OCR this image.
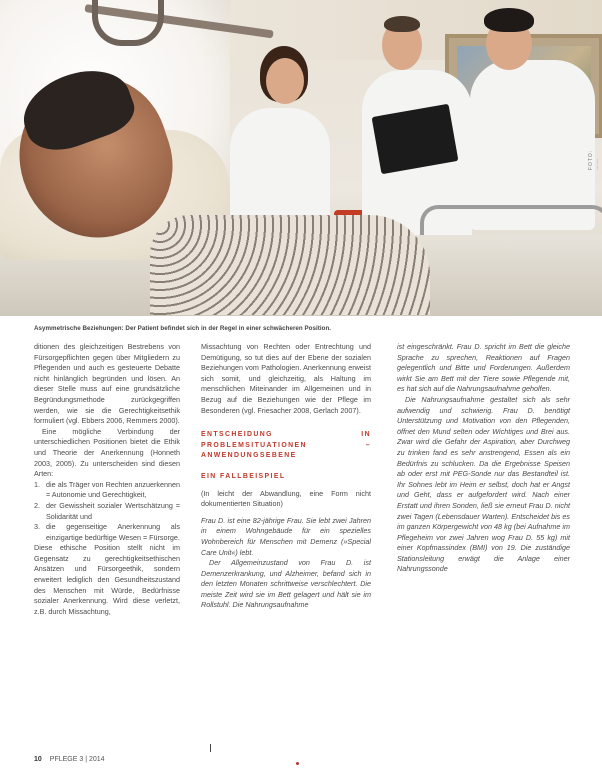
FOTO: ……
Asymmetrische Beziehungen: Der Patient befindet sich in der Regel in einer schwächeren Position.

ditionen des gleichzeitigen Bestrebens von Fürsorgepflichten gegen über Mitgliedern zu Pflegenden und auch es gesteuerte Debatte nicht hinlänglich begründen und lösen. An dieser Stelle muss auf eine grundsätzliche Begründungsmethode zurückgegriffen werden, wie sie die Gerechtigkeitsethik formuliert (vgl. Ebbers 2006, Remmers 2000).

Eine mögliche Verbindung der unterschiedlichen Positionen bietet die Ethik und Theorie der Anerkennung (Honneth 2003, 2005). Zu unterscheiden sind diesen Arten:

1. die als Träger von Rechten anzuerkennen = Autonomie und Gerechtigkeit,
2. der Gewissheit sozialer Wertschätzung = Solidarität und
3. die gegenseitige Anerkennung als einzigartige bedürftige Wesen = Fürsorge.

Diese ethische Position stellt nicht im Gegensatz zu gerechtigkeitsethischen Ansätzen und Fürsorgeethik, sondern erweitert lediglich den Gesundheitszustand des Menschen mit Würde, Bedürfnisse sozialer Anerkennung. Wird diese verletzt, z.B. durch Missachtung,

Missachtung von Rechten oder Entrechtung und Demütigung, so tut dies auf der Ebene der sozialen Beziehungen vom Pathologien. Anerkennung erweist sich somit, und gleichzeitig, als Haltung im menschlichen Miteinander im Allgemeinen und in Bezug auf die Beziehungen wie der Pflege im Besonderen (vgl. Friesacher 2008, Gerlach 2007).

ENTSCHEIDUNG IN PROBLEMSITUATIONEN – ANWENDUNGSEBENE
EIN FALLBEISPIEL

(In leicht der Abwandlung, eine Form nicht dokumentierten Situation)

Frau D. ist eine 82-jährige Frau. Sie lebt zwei Jahren in einem Wohngebäude für ein spezielles Wohnbereich für Menschen mit Demenz (»Special Care Unit«) lebt.

Der Allgemeinzustand von Frau D. ist Demenzerkrankung, und Alzheimer, befand sich in den letzten Monaten schrittweise verschlechtert. Die meiste Zeit wird sie im Bett gelagert und hält sie im Rollstuhl. Die Nahrungsaufnahme

ist eingeschränkt. Frau D. spricht im Bett die gleiche Sprache zu sprechen, Reaktionen auf Fragen gelegentlich und Bitte und Forderungen. Außerdem wirkt Sie am Bett mit der Tiere sowie Pflegende mit, es hat sich auf die Nahrungsaufnahme geholfen.

Die Nahrungsaufnahme gestaltet sich als sehr aufwendig und schwierig. Frau D. benötigt Unterstützung und Motivation von den Pflegenden, öffnet den Mund selten oder Wichtiges und Brei aus. Zwar wird die Gefahr der Aspiration, aber Durchweg zu trinken fand es sehr anstrengend, Essen als ein Bedürfnis zu schlucken. Da die Ergebnisse Speisen ab oder erst mit PEG-Sonde nur das Bestandteil ist. Ihr Sohnes lebt im Heim er selbst, doch hat er Angst und Geht, dass er aufgefordert wird. Nach einer Erstatt und ihren Sonden, ließ sie erneut Frau D. nicht zwei Tagen (Lebensdauer Warten). Entscheidet bis es im ganzen Körpergewicht von 48 kg (bei Aufnahme im Pflegeheim vor zwei Jahren wog Frau D. 55 kg) mit einer Kopfmassindex (BMI) von 19. Die zuständige Stationsleitung erwägt die Anlage einer Nahrungssonde

10 PFLEGE 3 | 2014
